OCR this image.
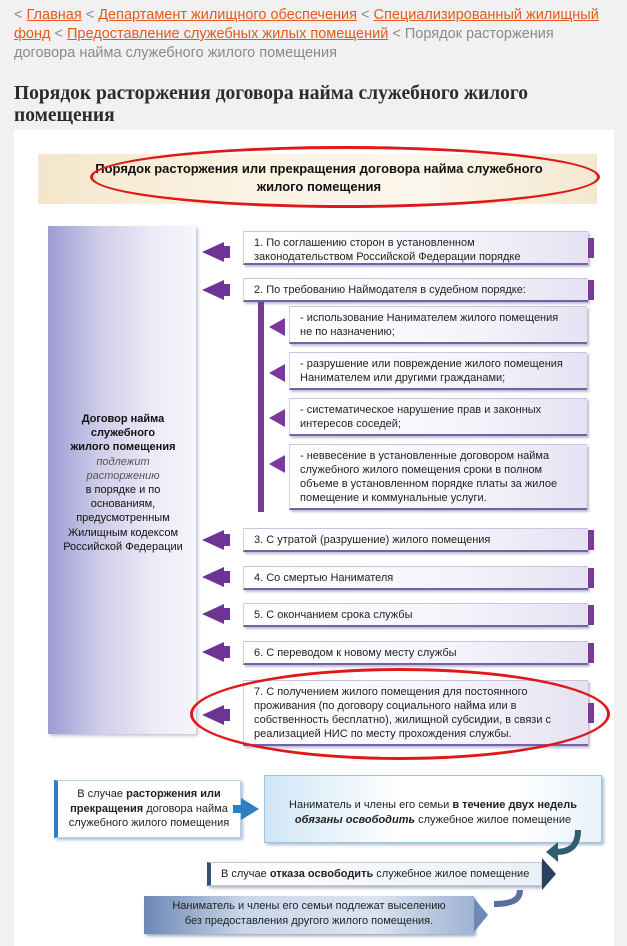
< Главная < Департамент жилищного обеспечения < Специализированный жилищный фонд < Предоставление служебных жилых помещений < Порядок расторжения договора найма служебного жилого помещения
Порядок расторжения договора найма служебного жилого помещения
Порядок расторжения или прекращения договора найма служебного жилого помещения
Договор найма
служебного
жилого помещения
подлежит
расторжению
в порядке и по
основаниям,
предусмотренным
Жилищным кодексом
Российской Федерации
1. По соглашению сторон в установленном законодательством Российской Федерации порядке
2. По требованию Наймодателя в судебном порядке:
- использование Нанимателем жилого помещения не по назначению;
- разрушение или повреждение жилого помещения Нанимателем или другими гражданами;
- систематическое нарушение прав и законных интересов соседей;
- неввесение в установленные договором найма служебного жилого помещения сроки в полном объеме в установленном порядке платы за жилое помещение и коммунальные услуги.
3. С утратой (разрушение) жилого помещения
4. Со смертью Нанимателя
5. С окончанием срока службы
6. С переводом к новому месту службы
7. С получением жилого помещения для постоянного проживания (по договору социального найма или в собственность бесплатно), жилищной субсидии, в связи с реализацией НИС по месту прохождения службы.
В случае расторжения или прекращения договора найма служебного жилого помещения
Наниматель и члены его семьи в течение двух недель
обязаны освободить служебное жилое помещение
В случае отказа освободить служебное жилое помещение
Наниматель и члены его семьи подлежат выселению
без предоставления другого жилого помещения.
